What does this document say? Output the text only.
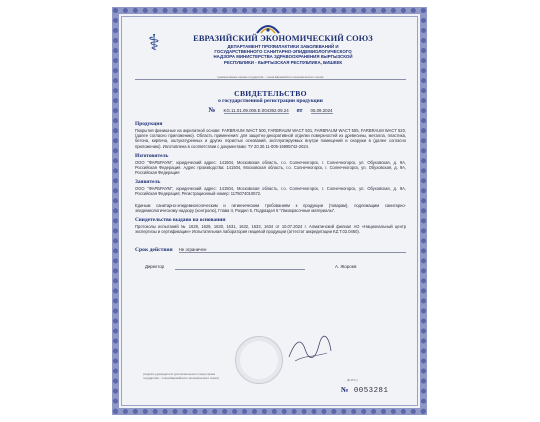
⚕	ЕВРАЗИЙСКИЙ ЭКОНОМИЧЕСКИЙ СОЮЗ
ДЕПАРТАМЕНТ ПРОФИЛАКТИКИ ЗАБОЛЕВАНИЙ И
ГОСУДАРСТВЕННОГО САНИТАРНО-ЭПИДЕМИОЛОГИЧЕСКОГО
НАДЗОРА МИНИСТЕРСТВА ЗДРАВООХРАНЕНИЯ КЫРГЫЗСКОЙ
РЕСПУБЛИКИ - КЫРГЫЗСКАЯ РЕСПУБЛИКА, БИШКЕК
(наименование органа государства – члена Евразийского экономического союза)
СВИДЕТЕЛЬСТВО
о государственной регистрации продукции
№ KG.11.01.09.008.Е.004392.09.24 от 05.09.2024
Продукция
Покрытия финишные на акрилатной основе: FARBRAUM WACT 500, FARBRAUM WACT 501, FARBRAUM WACT 505, FARBRAUM WACT 520, (далее согласно приложению). Область применения: для защитно-декоративной отделки поверхностей из древесины, металла, пластика, бетона, кирпича, оштукатуренных и других пористых оснований, эксплуатируемых внутри помещений и снаружи в (далее согласно приложению). Изготовлена в соответствии с документами: ТУ 20.30.11-005-16985742-2024.
Изготовитель
ООО "ФАРБРАУМ", юридический адрес: 141504, Московская область, г.о. Солнечногорск, г. Солнечногорск, ул. Обуховская, д. 9А, Российская Федерация. Адрес производства: 141504, Московская область, г.о. Солнечногорск, г. Солнечногорск, ул. Обуховская, д. 9А, Российская Федерация
Заявитель
ООО "ФАРБРАУМ", юридический адрес: 141504, Московская область, г.о. Солнечногорск, г. Солнечногорск, ул. Обуховская, д. 9А, Российская Федерация; Регистрационный номер: 1175074010572.
Единым санитарно-эпидемиологическим и гигиеническим требованиям к продукции (товарам), подлежащим санитарно-эпидемиологическому надзору (контролю), Глава II, Раздел 5, Подраздел 5 "Лакокрасочные материалы".
Свидетельство выдано на основании
Протоколы испытаний № 1628, 1629, 1630, 1631, 1632, 1633, 1634 от 10.07.2024 г. Алматинский филиал АО «Национальный центр экспертизы и сертификации» Испытательная лаборатория пищевой продукции (аттестат аккредитации KZ.Т.02.0460).
Срок действия Не ограничен
Директор	А. Жороев
(подпись руководителя (уполномоченного лица) органа государства – члена Евразийского экономического союза)
(Ф.И.О.)
№ 0053281
